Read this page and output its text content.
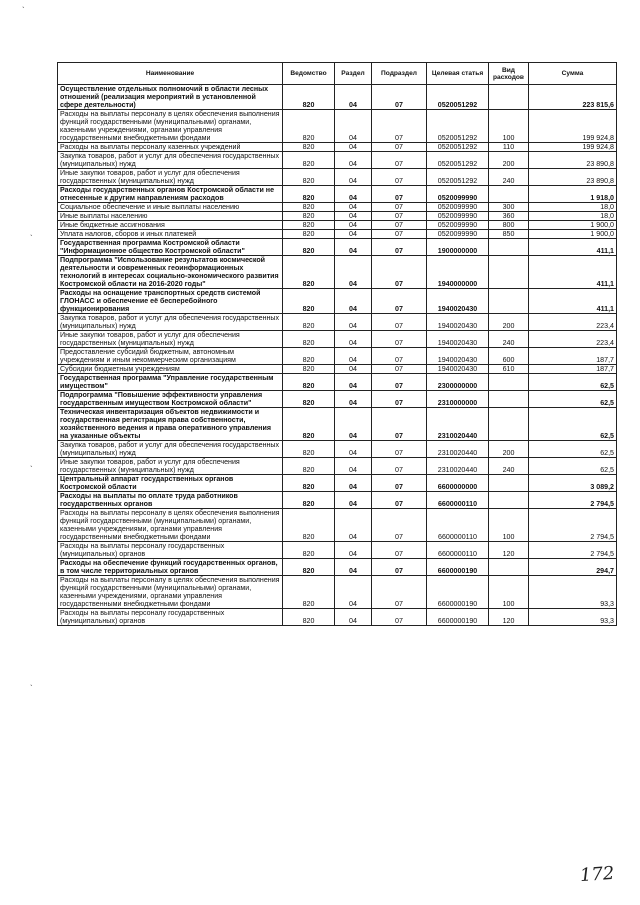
Наименование	Ведомство	Раздел	Подраздел	Целевая статья	Вид расходов	Сумма
Осуществление отдельных полномочий в области лесных отношений (реализация мероприятий в установленной сфере деятельности)	820	04	07	0520051292		223 815,6
Расходы на выплаты персоналу в целях обеспечения выполнения функций государственными (муниципальными) органами, казенными учреждениями, органами управления государственными внебюджетными фондами	820	04	07	0520051292	100	199 924,8
Расходы на выплаты персоналу казенных учреждений	820	04	07	0520051292	110	199 924,8
Закупка товаров, работ и услуг для обеспечения государственных (муниципальных) нужд	820	04	07	0520051292	200	23 890,8
Иные закупки товаров, работ и услуг для обеспечения государственных (муниципальных) нужд	820	04	07	0520051292	240	23 890,8
Расходы государственных органов Костромской области не отнесенные к другим направлениям расходов	820	04	07	0520099990		1 918,0
Социальное обеспечение и иные выплаты населению	820	04	07	0520099990	300	18,0
Иные выплаты населению	820	04	07	0520099990	360	18,0
Иные бюджетные ассигнования	820	04	07	0520099990	800	1 900,0
Уплата налогов, сборов и иных платежей	820	04	07	0520099990	850	1 900,0
Государственная программа Костромской области "Информационное общество Костромской области"	820	04	07	1900000000		411,1
Подпрограмма "Использование результатов космической деятельности и современных геоинформационных технологий в интересах социально-экономического развития Костромской области на 2016-2020 годы"	820	04	07	1940000000		411,1
Расходы на оснащение транспортных средств системой ГЛОНАСС и обеспечение её бесперебойного функционирования	820	04	07	1940020430		411,1
Закупка товаров, работ и услуг для обеспечения государственных (муниципальных) нужд	820	04	07	1940020430	200	223,4
Иные закупки товаров, работ и услуг для обеспечения государственных (муниципальных) нужд	820	04	07	1940020430	240	223,4
Предоставление субсидий бюджетным, автономным учреждениям и иным некоммерческим организациям	820	04	07	1940020430	600	187,7
Субсидии бюджетным учреждениям	820	04	07	1940020430	610	187,7
Государственная программа "Управление государственным имуществом"	820	04	07	2300000000		62,5
Подпрограмма "Повышение эффективности управления государственным имуществом Костромской области"	820	04	07	2310000000		62,5
Техническая инвентаризация объектов недвижимости и государственная регистрация права собственности, хозяйственного ведения и права оперативного управления на указанные объекты	820	04	07	2310020440		62,5
Закупка товаров, работ и услуг для обеспечения государственных (муниципальных) нужд	820	04	07	2310020440	200	62,5
Иные закупки товаров, работ и услуг для обеспечения государственных (муниципальных) нужд	820	04	07	2310020440	240	62,5
Центральный аппарат государственных органов Костромской области	820	04	07	6600000000		3 089,2
Расходы на выплаты по оплате труда работников государственных органов	820	04	07	6600000110		2 794,5
Расходы на выплаты персоналу в целях обеспечения выполнения функций государственными (муниципальными) органами, казенными учреждениями, органами управления государственными внебюджетными фондами	820	04	07	6600000110	100	2 794,5
Расходы на выплаты персоналу государственных (муниципальных) органов	820	04	07	6600000110	120	2 794,5
Расходы на обеспечение функций государственных органов, в том числе территориальных органов	820	04	07	6600000190		294,7
Расходы на выплаты персоналу в целях обеспечения выполнения функций государственными (муниципальными) органами, казенными учреждениями, органами управления государственными внебюджетными фондами	820	04	07	6600000190	100	93,3
Расходы на выплаты персоналу государственных (муниципальных) органов	820	04	07	6600000190	120	93,3
`
`
`
`
172
